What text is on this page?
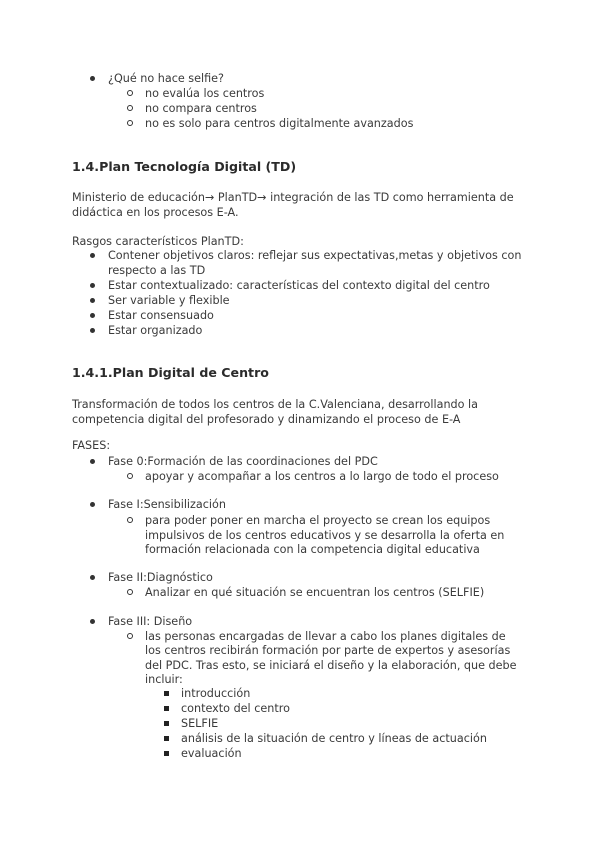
¿Qué no hace selfie?
no evalúa los centros
no compara centros
no es solo para centros digitalmente avanzados
1.4.Plan Tecnología Digital (TD)
Ministerio de educación→ PlanTD→ integración de las TD como herramienta de
didáctica en los procesos E-A.
Rasgos característicos PlanTD:
Contener objetivos claros: reflejar sus expectativas,metas y objetivos con
respecto a las TD
Estar contextualizado: características del contexto digital del centro
Ser variable y flexible
Estar consensuado
Estar organizado
1.4.1.Plan Digital de Centro
Transformación de todos los centros de la C.Valenciana, desarrollando la
competencia digital del profesorado y dinamizando el proceso de E-A
FASES:
Fase 0:Formación de las coordinaciones del PDC
apoyar y acompañar a los centros a lo largo de todo el proceso
Fase I:Sensibilización
para poder poner en marcha el proyecto se crean los equipos
impulsivos de los centros educativos y se desarrolla la oferta en
formación relacionada con la competencia digital educativa
Fase II:Diagnóstico
Analizar en qué situación se encuentran los centros (SELFIE)
Fase III: Diseño
las personas encargadas de llevar a cabo los planes digitales de
los centros recibirán formación por parte de expertos y asesorías
del PDC. Tras esto, se iniciará el diseño y la elaboración, que debe
incluir:
introducción
contexto del centro
SELFIE
análisis de la situación de centro y líneas de actuación
evaluación
